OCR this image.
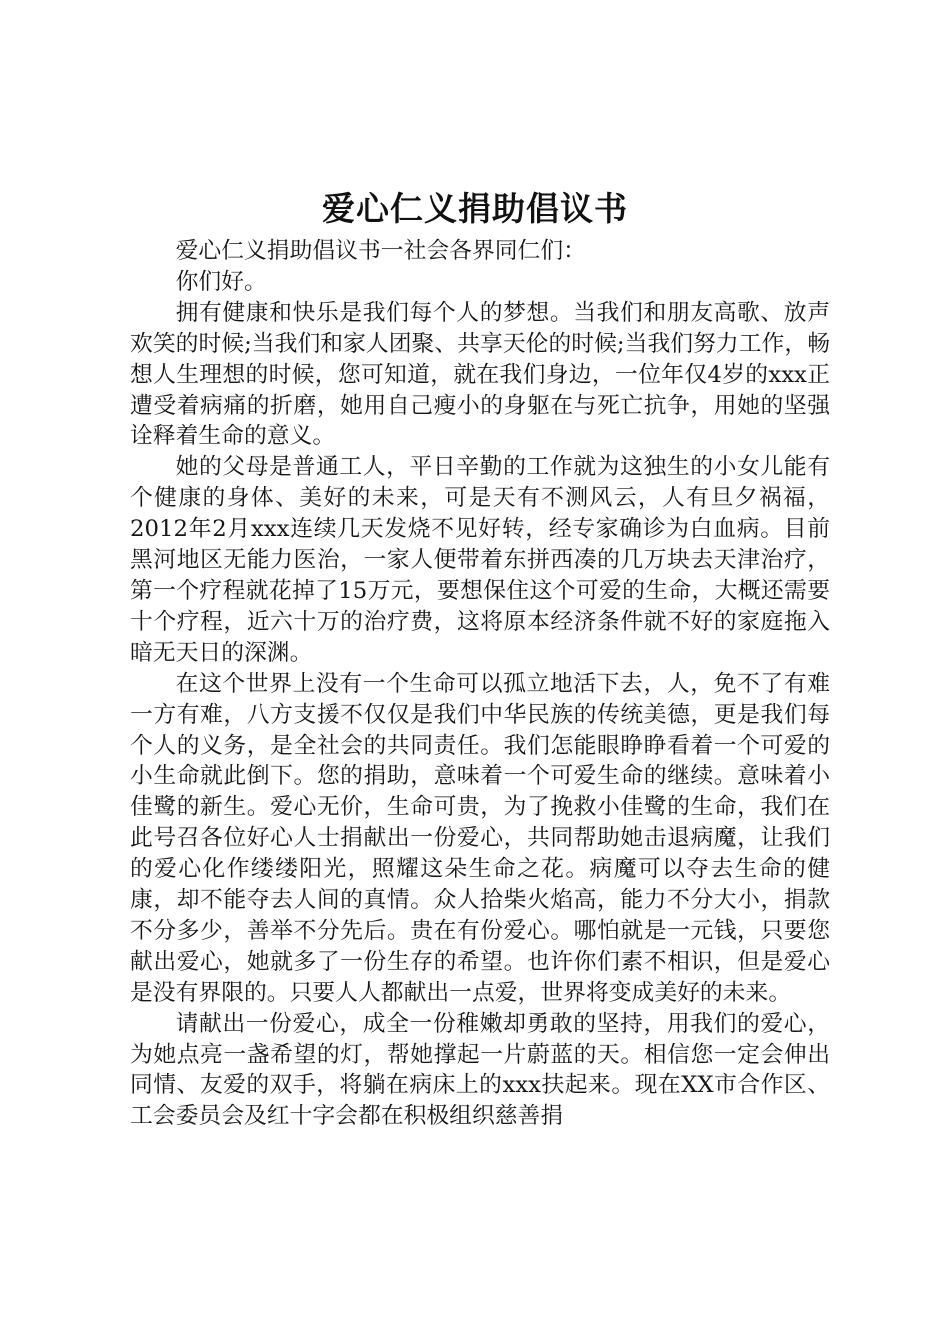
爱心仁义捐助倡议书

爱心仁义捐助倡议书一社会各界同仁们：

你们好。

拥有健康和快乐是我们每个人的梦想。当我们和朋友高歌、放声欢笑的时候;当我们和家人团聚、共享天伦的时候;当我们努力工作，畅想人生理想的时候，您可知道，就在我们身边，一位年仅4岁的xxx正遭受着病痛的折磨，她用自己瘦小的身躯在与死亡抗争，用她的坚强诠释着生命的意义。

她的父母是普通工人，平日辛勤的工作就为这独生的小女儿能有个健康的身体、美好的未来，可是天有不测风云，人有旦夕祸福，2012年2月xxx连续几天发烧不见好转，经专家确诊为白血病。目前黑河地区无能力医治，一家人便带着东拼西凑的几万块去天津治疗，第一个疗程就花掉了15万元，要想保住这个可爱的生命，大概还需要十个疗程，近六十万的治疗费，这将原本经济条件就不好的家庭拖入暗无天日的深渊。

在这个世界上没有一个生命可以孤立地活下去，人，免不了有难一方有难，八方支援不仅仅是我们中华民族的传统美德，更是我们每个人的义务，是全社会的共同责任。我们怎能眼睁睁看着一个可爱的小生命就此倒下。您的捐助，意味着一个可爱生命的继续。意味着小佳鹭的新生。爱心无价，生命可贵，为了挽救小佳鹭的生命，我们在此号召各位好心人士捐献出一份爱心，共同帮助她击退病魔，让我们的爱心化作缕缕阳光，照耀这朵生命之花。病魔可以夺去生命的健康，却不能夺去人间的真情。众人拾柴火焰高，能力不分大小，捐款不分多少，善举不分先后。贵在有份爱心。哪怕就是一元钱，只要您献出爱心，她就多了一份生存的希望。也许你们素不相识，但是爱心是没有界限的。只要人人都献出一点爱，世界将变成美好的未来。

请献出一份爱心，成全一份稚嫩却勇敢的坚持，用我们的爱心，为她点亮一盏希望的灯，帮她撑起一片蔚蓝的天。相信您一定会伸出同情、友爱的双手，将躺在病床上的xxx扶起来。现在XX市合作区、工会委员会及红十字会都在积极组织慈善捐
